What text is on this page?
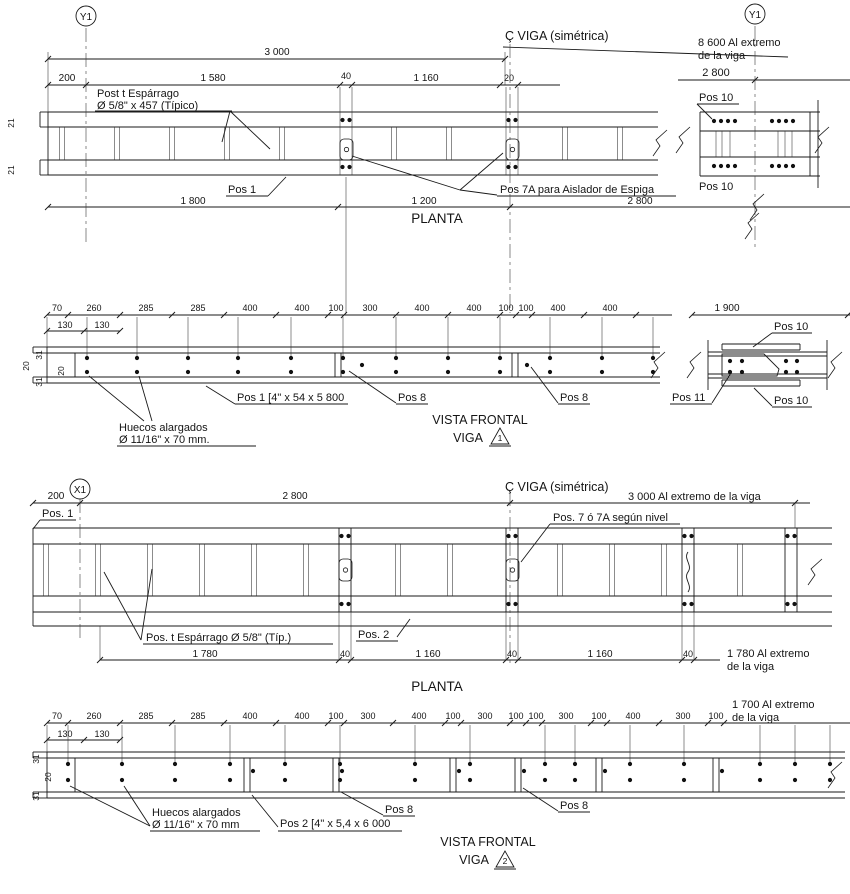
Y1	Y1
3 000
200	1 580	40	1 160	20
Ç VIGA (simétrica)	8 600 Al extremo
de la viga
2 800
Post t Espárrago
Ø 5/8" x 457 (Típico)
Pos 1	Pos 7A para Aislador de Espiga
Pos 10
Pos 10
1 800	1 200	2 800
21
21
PLANTA
70	260	285	285	400	400 100 300	400	400 100 100 400	400	1 900
130 130
31
20
20
31
Pos 1 [4" x 54 x 5 800	Pos 8	Pos 8	Pos 11
Pos 10
Pos 10
Huecos alargados
Ø 11/16" x 70 mm.
VISTA FRONTAL
VIGA 1
X1
200	2 800
Ç VIGA (simétrica)
3 000 Al extremo de la viga
Pos. 7 ó 7A según nivel
Pos. 1
Pos. t Espárrago Ø 5/8" (Típ.)	Pos. 2
1 780	40	1 160	40	1 160	40	1 780 Al extremo
de la viga
PLANTA
70	260	285	285	400	400 100 300	400 100 300 100 100 300 100 400	300 100
1 700 Al extremo
de la viga
130 130
31
20
31
Huecos alargados
Ø 11/16" x 70 mm	Pos 2 [4" x 5,4 x 6 000
Pos 8	Pos 8
VISTA FRONTAL
VIGA 2
